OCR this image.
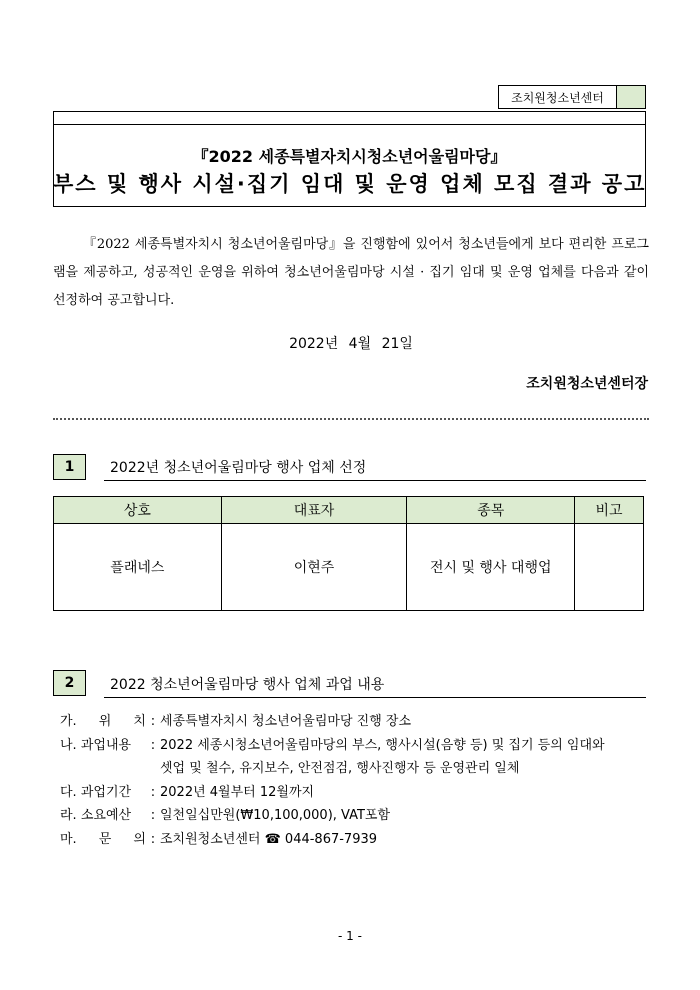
조치원청소년센터
『2022 세종특별자치시청소년어울림마당』
부스 및 행사 시설·집기 임대 및 운영 업체 모집 결과 공고
『2022 세종특별자치시 청소년어울림마당』을 진행함에 있어서 청소년들에게 보다 편리한 프로그램을 제공하고, 성공적인 운영을 위하여 청소년어울림마당 시설 · 집기 임대 및 운영 업체를 다음과 같이 선정하여 공고합니다.
2022년 4월 21일
조치원청소년센터장
1	2022년 청소년어울림마당 행사 업체 선정
상호	대표자	종목	비고
플래네스	이현주	전시 및 행사 대행업	
2	2022 청소년어울림마당 행사 업체 과업 내용
가. 위 치 : 세종특별자치시 청소년어울림마당 진행 장소
나. 과업내용	: 2022 세종시청소년어울림마당의 부스, 행사시설(음향 등) 및 집기 등의 임대와
셋업 및 철수, 유지보수, 안전점검, 행사진행자 등 운영관리 일체
다. 과업기간	: 2022년 4월부터 12월까지
라. 소요예산	: 일천일십만원(₩10,100,000), VAT포함
마. 문 의 : 조치원청소년센터 ☎ 044-867-7939
- 1 -
